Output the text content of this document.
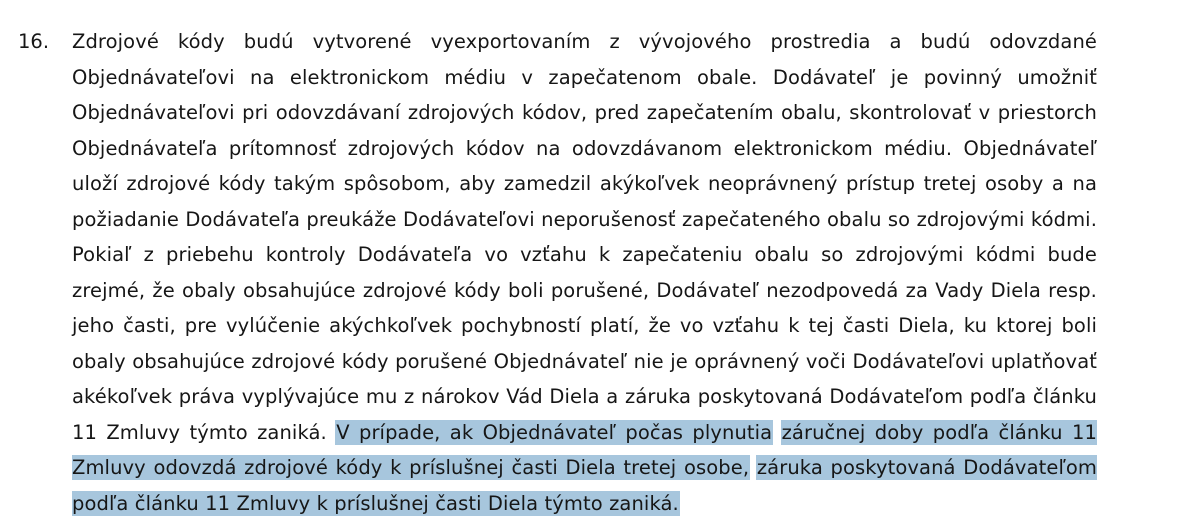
16.	Zdrojové kódy budú vytvorené vyexportovaním z vývojového prostredia a budú odovzdané Objednávateľovi na elektronickom médiu v zapečatenom obale. Dodávateľ je povinný umožniť Objednávateľovi pri odovzdávaní zdrojových kódov, pred zapečatením obalu, skontrolovať v priestorch Objednávateľa prítomnosť zdrojových kódov na odovzdávanom elektronickom médiu. Objednávateľ uloží zdrojové kódy takým spôsobom, aby zamedzil akýkoľvek neoprávnený prístup tretej osoby a na požiadanie Dodávateľa preukáže Dodávateľovi neporušenosť zapečateného obalu so zdrojovými kódmi. Pokiaľ z priebehu kontroly Dodávateľa vo vzťahu k zapečateniu obalu so zdrojovými kódmi bude zrejmé, že obaly obsahujúce zdrojové kódy boli porušené, Dodávateľ nezodpovedá za Vady Diela resp. jeho časti, pre vylúčenie akýchkoľvek pochybností platí, že vo vzťahu k tej časti Diela, ku ktorej boli obaly obsahujúce zdrojové kódy porušené Objednávateľ nie je oprávnený voči Dodávateľovi uplatňovať akékoľvek práva vyplývajúce mu z nárokov Vád Diela a záruka poskytovaná Dodávateľom podľa článku 11 Zmluvy týmto zaniká. V prípade, ak Objednávateľ počas plynutia záručnej doby podľa článku 11 Zmluvy odovzdá zdrojové kódy k príslušnej časti Diela tretej osobe, záruka poskytovaná Dodávateľom podľa článku 11 Zmluvy k príslušnej časti Diela týmto zaniká.
